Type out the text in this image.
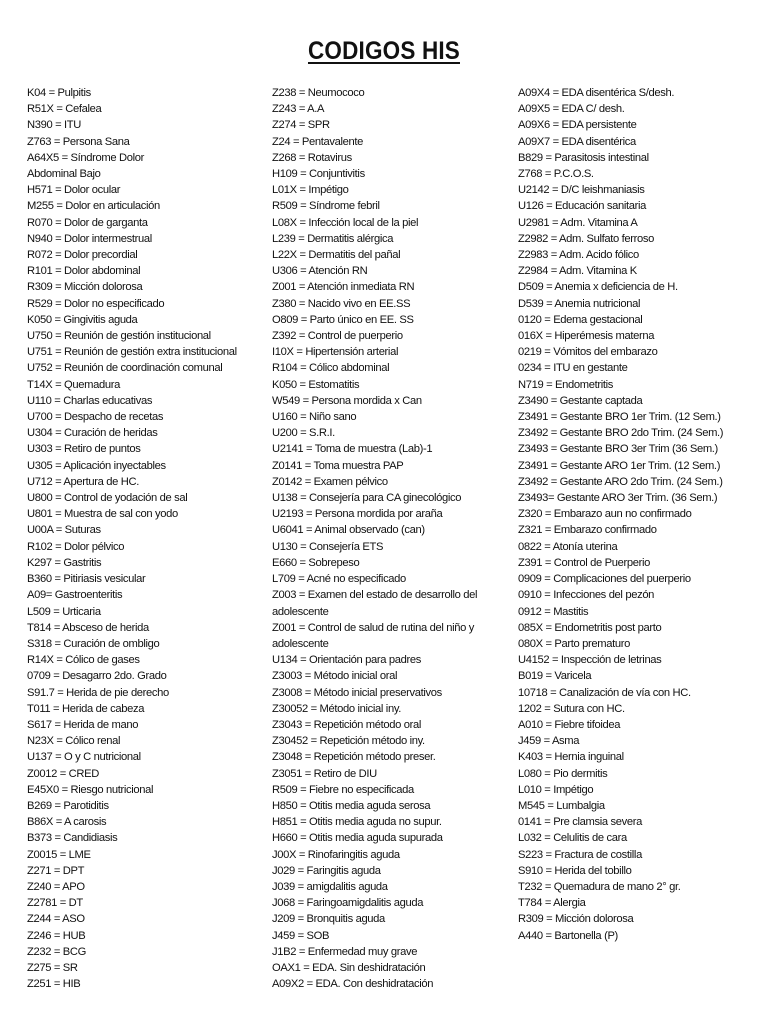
CODIGOS HIS
K04 = Pulpitis
R51X = Cefalea
N390 = ITU
Z763 = Persona Sana
A64X5 = Síndrome Dolor
Abdominal Bajo
H571 = Dolor ocular
M255 = Dolor en articulación
R070 = Dolor de garganta
N940 = Dolor intermestrual
R072 = Dolor precordial
R101 = Dolor abdominal
R309 = Micción dolorosa
R529 = Dolor no especificado
K050 = Gingivitis aguda
U750 = Reunión de gestión institucional
U751 = Reunión de gestión extra institucional
U752 = Reunión de coordinación comunal
T14X = Quemadura
U110 = Charlas educativas
U700 = Despacho de recetas
U304 = Curación de heridas
U303 = Retiro de puntos
U305 = Aplicación inyectables
U712 = Apertura de HC.
U800 = Control de yodación de sal
U801 = Muestra de sal con yodo
U00A = Suturas
R102 = Dolor pélvico
K297 = Gastritis
B360 = Pitiriasis vesicular
A09= Gastroenteritis
L509 = Urticaria
T814 = Absceso de herida
S318 = Curación de ombligo
R14X = Cólico de gases
0709 = Desagarro 2do. Grado
S91.7 = Herida de pie derecho
T011 = Herida de cabeza
S617 = Herida de mano
N23X = Cólico renal
U137 = O y C nutricional
Z0012 = CRED
E45X0 = Riesgo nutricional
B269 = Parotiditis
B86X = A carosis
B373 = Candidiasis
Z0015 = LME
Z271 = DPT
Z240 = APO
Z2781 = DT
Z244 = ASO
Z246 = HUB
Z232 = BCG
Z275 = SR
Z251 = HIB
Z238 = Neumococo
Z243 = A.A
Z274 = SPR
Z24 = Pentavalente
Z268 = Rotavirus
H109 = Conjuntivitis
L01X = Impétigo
R509 = Síndrome febril
L08X = Infección local de la piel
L239 = Dermatitis alérgica
L22X = Dermatitis del pañal
U306 = Atención RN
Z001 = Atención inmediata RN
Z380 = Nacido vivo en EE.SS
O809 = Parto único en EE. SS
Z392 = Control de puerperio
I10X = Hipertensión arterial
R104 = Cólico abdominal
K050 = Estomatitis
W549 = Persona mordida x Can
U160 = Niño sano
U200 = S.R.I.
U2141 = Toma de muestra (Lab)-1
Z0141 = Toma muestra PAP
Z0142 = Examen pélvico
U138 = Consejería para CA ginecológico
U2193 = Persona mordida por araña
U6041 = Animal observado (can)
U130 = Consejería ETS
E660 = Sobrepeso
L709 = Acné no especificado
Z003 = Examen del estado de desarrollo del
adolescente
Z001 = Control de salud de rutina del niño y
adolescente
U134 = Orientación para padres
Z3003 = Método inicial oral
Z3008 = Método inicial preservativos
Z30052 = Método inicial iny.
Z3043 = Repetición método oral
Z30452 = Repetición método iny.
Z3048 = Repetición método preser.
Z3051 = Retiro de DIU
R509 = Fiebre no especificada
H850 = Otitis media aguda serosa
H851 = Otitis media aguda no supur.
H660 = Otitis media aguda supurada
J00X = Rinofaringitis aguda
J029 = Faringitis aguda
J039 = amigdalitis aguda
J068 = Faringoamigdalitis aguda
J209 = Bronquitis aguda
J459 = SOB
J1B2 = Enfermedad muy grave
OAX1 = EDA. Sin deshidratación
A09X2 = EDA. Con deshidratación
A09X4 = EDA disentérica S/desh.
A09X5 = EDA C/ desh.
A09X6 = EDA persistente
A09X7 = EDA disentérica
B829 = Parasitosis intestinal
Z768 = P.C.O.S.
U2142 = D/C leishmaniasis
U126 = Educación sanitaria
U2981 = Adm. Vitamina A
Z2982 = Adm. Sulfato ferroso
Z2983 = Adm. Acido fólico
Z2984 = Adm. Vitamina K
D509 = Anemia x deficiencia de H.
D539 = Anemia nutricional
0120 = Edema gestacional
016X = Hiperémesis materna
0219 = Vómitos del embarazo
0234 = ITU en gestante
N719 = Endometritis
Z3490 = Gestante captada
Z3491 = Gestante BRO 1er Trim. (12 Sem.)
Z3492 = Gestante BRO 2do Trim. (24 Sem.)
Z3493 = Gestante BRO 3er Trim (36 Sem.)
Z3491 = Gestante ARO 1er Trim. (12 Sem.)
Z3492 = Gestante ARO 2do Trim. (24 Sem.)
Z3493= Gestante ARO 3er Trim. (36 Sem.)
Z320 = Embarazo aun no confirmado
Z321 = Embarazo confirmado
0822 = Atonía uterina
Z391 = Control de Puerperio
0909 = Complicaciones del puerperio
0910 = Infecciones del pezón
0912 = Mastitis
085X = Endometritis post parto
080X = Parto prematuro
U4152 = Inspección de letrinas
B019 = Varicela
10718 = Canalización de vía con HC.
1202 = Sutura con HC.
A010 = Fiebre tifoidea
J459 = Asma
K403 = Hernia inguinal
L080 = Pio dermitis
L010 = Impétigo
M545 = Lumbalgia
0141 = Pre clamsia severa
L032 = Celulitis de cara
S223 = Fractura de costilla
S910 = Herida del tobillo
T232 = Quemadura de mano 2° gr.
T784 = Alergia
R309 = Micción dolorosa
A440 = Bartonella (P)
